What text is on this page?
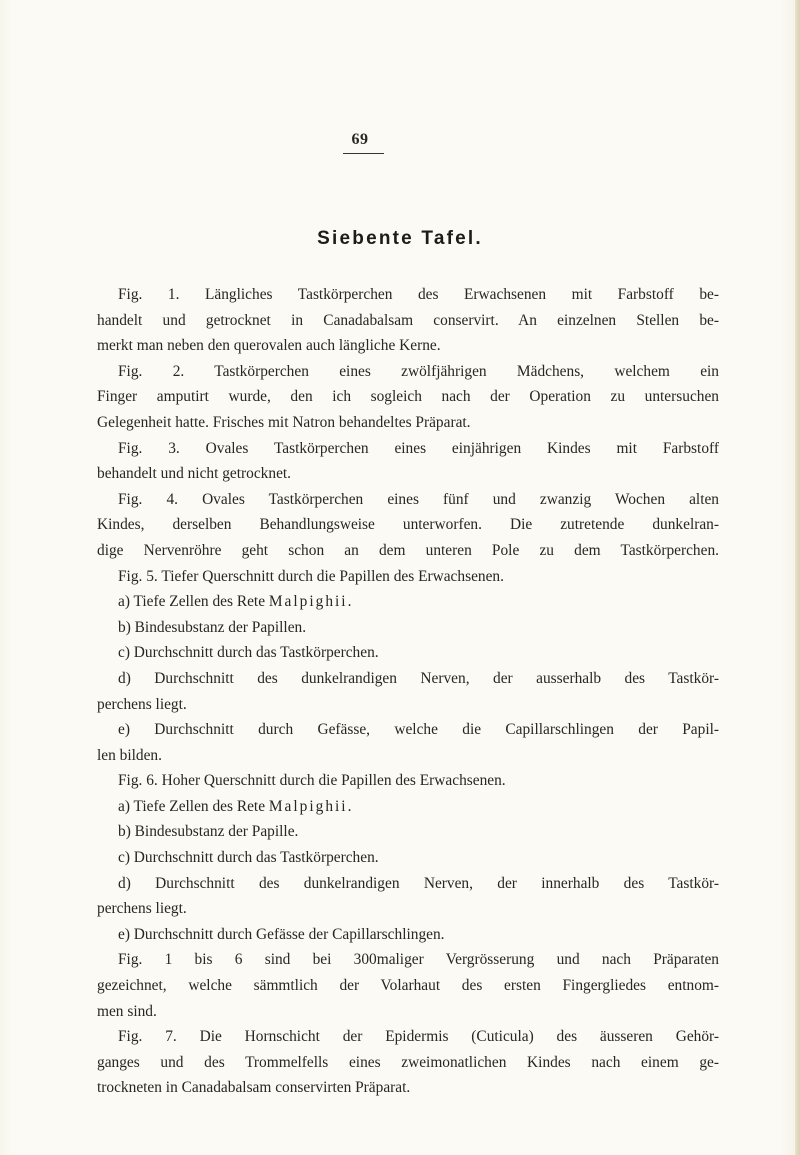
69
Siebente Tafel.
Fig. 1. Längliches Tastkörperchen des Erwachsenen mit Farbstoff be-
handelt und getrocknet in Canadabalsam conservirt. An einzelnen Stellen be-
merkt man neben den querovalen auch längliche Kerne.
Fig. 2. Tastkörperchen eines zwölfjährigen Mädchens, welchem ein
Finger amputirt wurde, den ich sogleich nach der Operation zu untersuchen
Gelegenheit hatte. Frisches mit Natron behandeltes Präparat.
Fig. 3. Ovales Tastkörperchen eines einjährigen Kindes mit Farbstoff
behandelt und nicht getrocknet.
Fig. 4. Ovales Tastkörperchen eines fünf und zwanzig Wochen alten
Kindes, derselben Behandlungsweise unterworfen. Die zutretende dunkelran-
dige Nervenröhre geht schon an dem unteren Pole zu dem Tastkörperchen.
Fig. 5. Tiefer Querschnitt durch die Papillen des Erwachsenen.
a) Tiefe Zellen des Rete Malpighii.
b) Bindesubstanz der Papillen.
c) Durchschnitt durch das Tastkörperchen.
d) Durchschnitt des dunkelrandigen Nerven, der ausserhalb des Tastkör-
perchens liegt.
e) Durchschnitt durch Gefässe, welche die Capillarschlingen der Papil-
len bilden.
Fig. 6. Hoher Querschnitt durch die Papillen des Erwachsenen.
a) Tiefe Zellen des Rete Malpighii.
b) Bindesubstanz der Papille.
c) Durchschnitt durch das Tastkörperchen.
d) Durchschnitt des dunkelrandigen Nerven, der innerhalb des Tastkör-
perchens liegt.
e) Durchschnitt durch Gefässe der Capillarschlingen.
Fig. 1 bis 6 sind bei 300maliger Vergrösserung und nach Präparaten
gezeichnet, welche sämmtlich der Volarhaut des ersten Fingergliedes entnom-
men sind.
Fig. 7. Die Hornschicht der Epidermis (Cuticula) des äusseren Gehör-
ganges und des Trommelfells eines zweimonatlichen Kindes nach einem ge-
trockneten in Canadabalsam conservirten Präparat.
